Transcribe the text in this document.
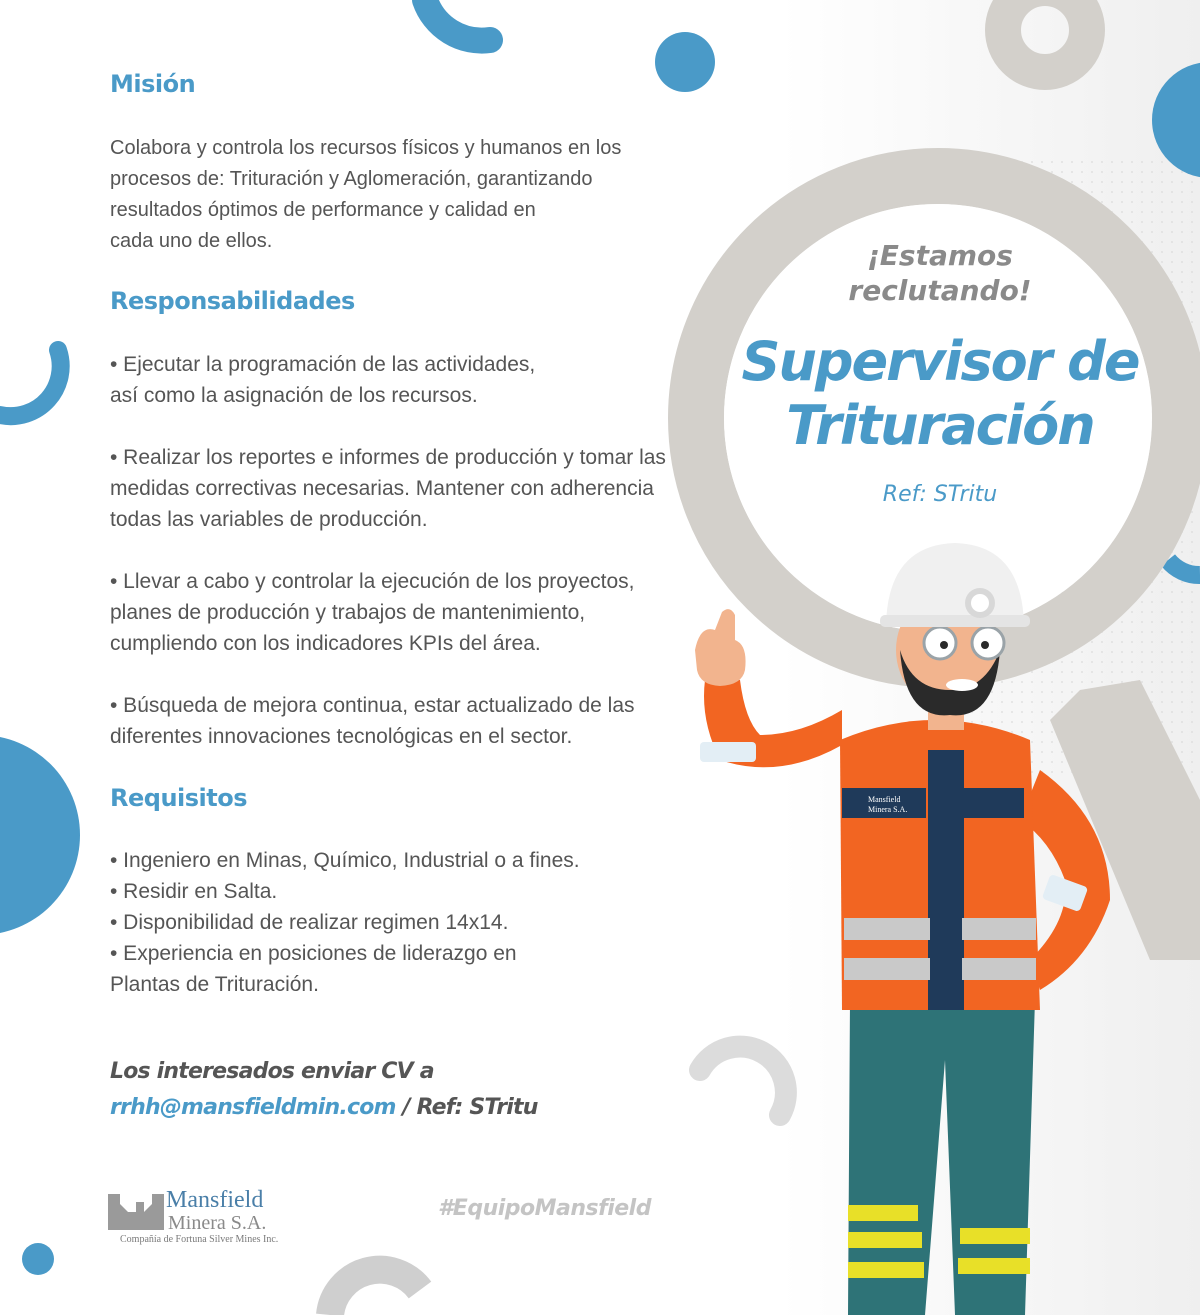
Mansfield
Minera S.A.
¡Estamos
reclutando!
Supervisor de
Trituración
Ref: STritu
Misión
Colabora y controla los recursos físicos y humanos en los
procesos de: Trituración y Aglomeración, garantizando
resultados óptimos de performance y calidad en
cada uno de ellos.
Responsabilidades
• Ejecutar la programación de las actividades, así como la asignación de los recursos.
• Realizar los reportes e informes de producción y tomar las medidas correctivas necesarias. Mantener con adherencia todas las variables de producción.
• Llevar a cabo y controlar la ejecución de los proyectos, planes de producción y trabajos de mantenimiento, cumpliendo con los indicadores KPIs del área.
• Búsqueda de mejora continua, estar actualizado de las diferentes innovaciones tecnológicas en el sector.
Requisitos
• Ingeniero en Minas, Químico, Industrial o a fines.
• Residir en Salta.
• Disponibilidad de realizar regimen 14x14.
• Experiencia en posiciones de liderazgo en
Plantas de Trituración.
Los interesados enviar CV a
rrhh@mansfieldmin.com / Ref: STritu
Mansfield
Minera S.A.
Compañía de Fortuna Silver Mines Inc.
#EquipoMansfield
